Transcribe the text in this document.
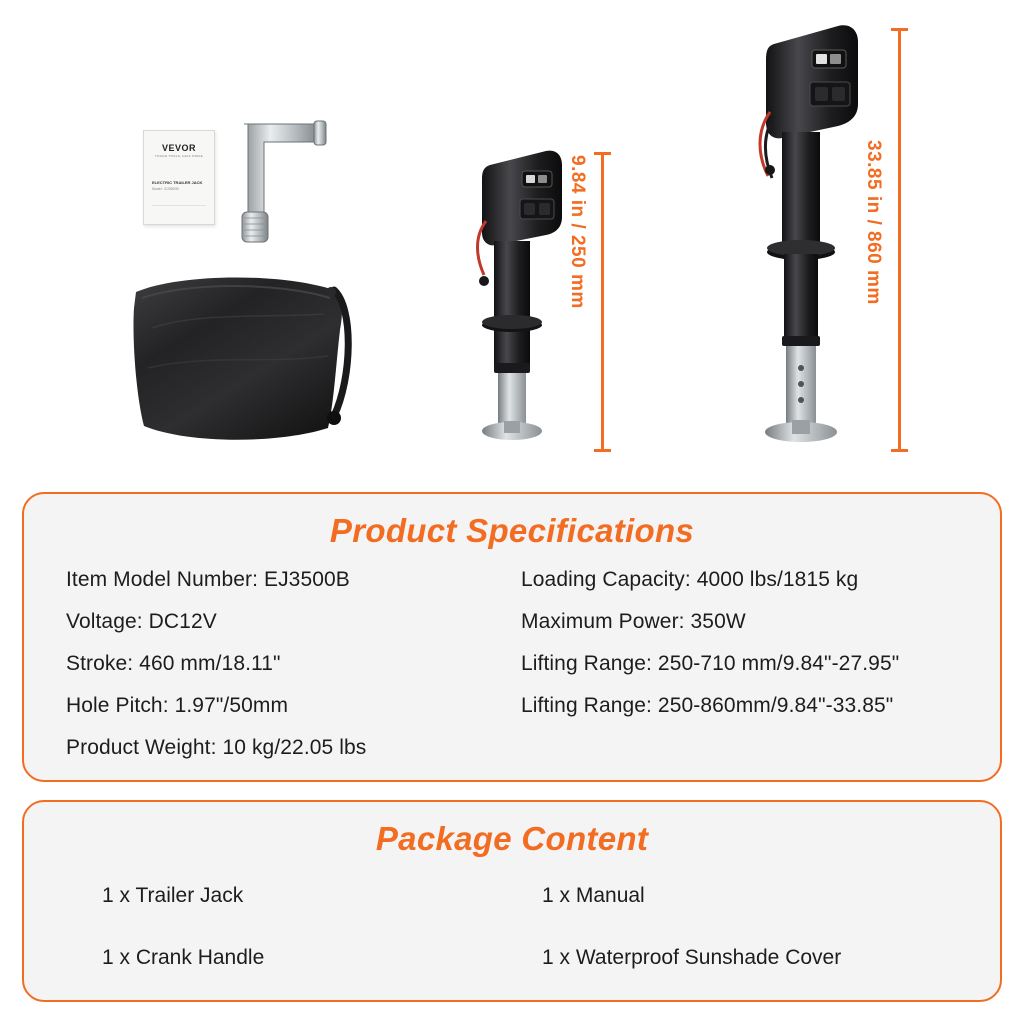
VEVOR
TOUGH TOOLS, HALF PRICE
ELECTRIC TRAILER JACK
Model : EJ3500B	9.84 in / 250 mm	33.85 in / 860 mm
Product Specifications
Item Model Number: EJ3500B	Loading Capacity: 4000 lbs/1815 kg
Voltage: DC12V	Maximum Power: 350W
Stroke: 460 mm/18.11"	Lifting Range: 250-710 mm/9.84"-27.95"
Hole Pitch: 1.97"/50mm	Lifting Range: 250-860mm/9.84"-33.85"
Product Weight: 10 kg/22.05 lbs
Package Content
1 x Trailer Jack	1 x Manual
1 x Crank Handle	1 x Waterproof Sunshade Cover
